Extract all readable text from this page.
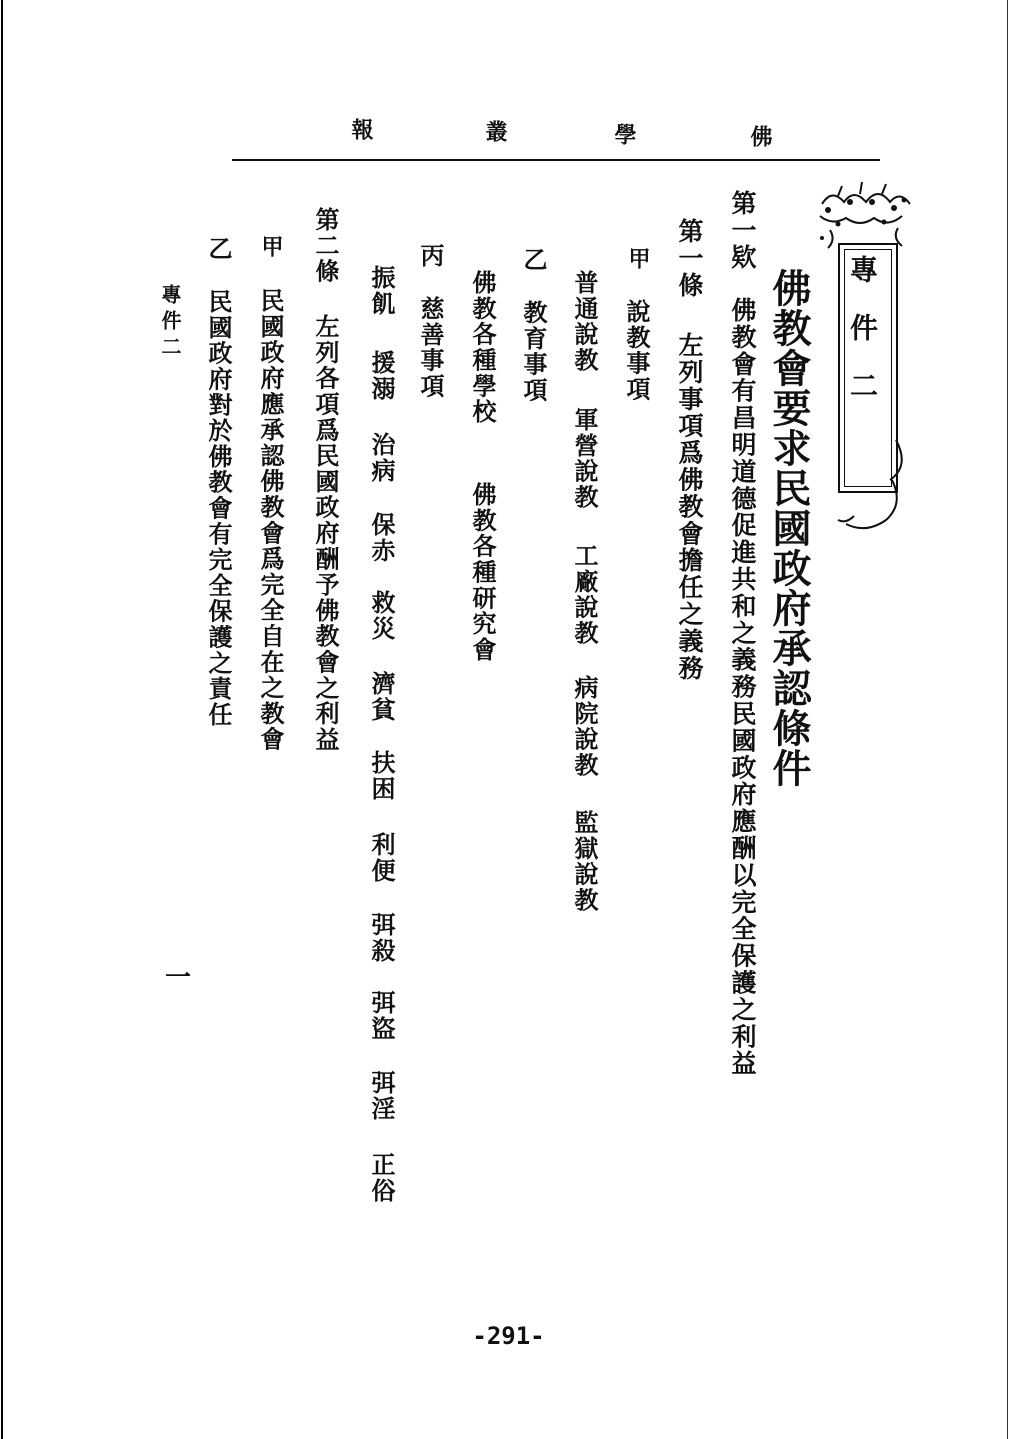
佛
學
叢
報
專件二
佛教會要求民國政府承認條件
第一欵
佛教會有昌明道德促進共和之義務民國政府應酬以完全保護之利益
第一條
左列事項爲佛教會擔任之義務
甲
說教事項
普通說教
軍營說教
工廠說教
病院說教
監獄說教
乙
教育事項
佛教各種學校
佛教各種研究會
丙
慈善事項
振飢
援溺
治病
保赤
救災
濟貧
扶困
利便
弭殺
弭盜
弭淫
正俗
第二條
左列各項爲民國政府酬予佛教會之利益
甲
民國政府應承認佛教會爲完全自在之教會
乙
民國政府對於佛教會有完全保護之責任
專件二
一
-291-
